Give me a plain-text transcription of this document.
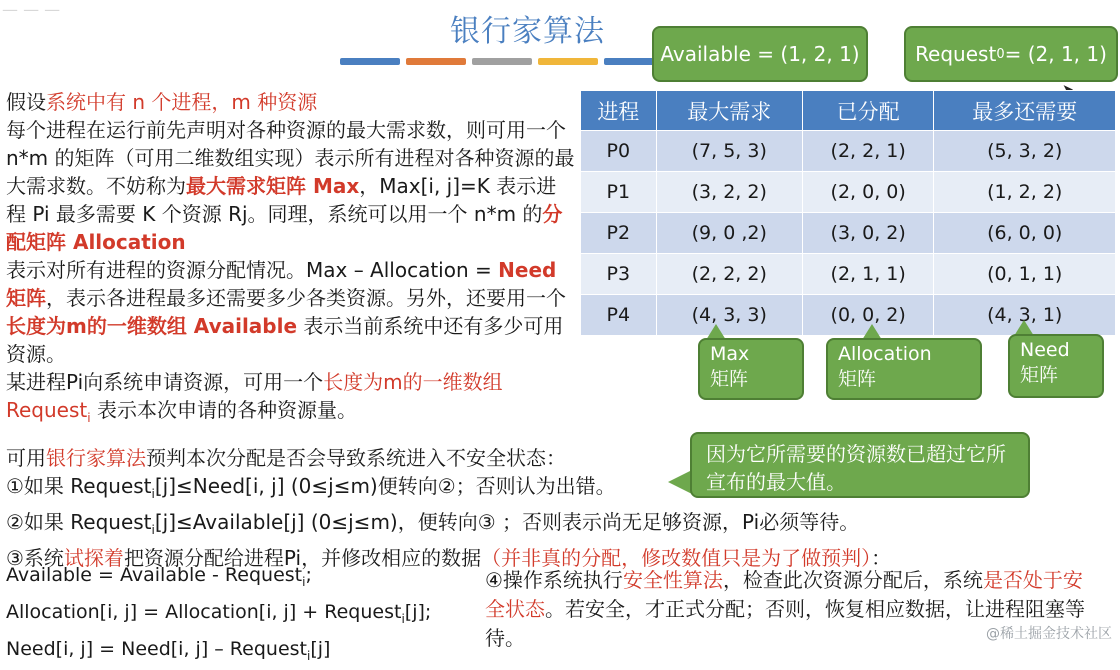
— — —
银行家算法
Available = (1, 2, 1)	Request 0 = (2, 1, 1)
假设系统中有 n 个进程，m 种资源
每个进程在运行前先声明对各种资源的最大需求数，则可用一个 n*m 的矩阵（可用二维数组实现）表示所有进程对各种资源的最大需求数。不妨称为最大需求矩阵 Max，Max[i, j]=K 表示进程 Pi 最多需要 K 个资源 Rj。同理，系统可以用一个 n*m 的分配矩阵 Allocation
表示对所有进程的资源分配情况。Max – Allocation = Need 矩阵，表示各进程最多还需要多少各类资源。另外，还要用一个长度为m的一维数组 Available 表示当前系统中还有多少可用资源。
某进程Pi向系统申请资源，可用一个长度为m的一维数组 Request$_i$ 表示本次申请的各种资源量。
进程	最大需求	已分配	最多还需要
P0	(7, 5, 3)	(2, 2, 1)	(5, 3, 2)
P1	(3, 2, 2)	(2, 0, 0)	(1, 2, 2)
P2	(9, 0 ,2)	(3, 0, 2)	(6, 0, 0)
P3	(2, 2, 2)	(2, 1, 1)	(0, 1, 1)
P4	(4, 3, 3)	(0, 0, 2)	(4, 3, 1)
Max
矩阵
Allocation
矩阵
Need
矩阵
因为它所需要的资源数已超过它所宣布的最大值。
可用银行家算法预判本次分配是否会导致系统进入不安全状态：
①如果 Request$_i$[j]≤Need[i, j] (0≤j≤m)便转向②；否则认为出错。
②如果 Request$_i$[j]≤Available[j] (0≤j≤m)，便转向③ ；否则表示尚无足够资源，Pi必须等待。
③系统试探着把资源分配给进程Pi，并修改相应的数据（并非真的分配，修改数值只是为了做预判）：
Available = Available - Request$_i$;
Allocation[i, j] = Allocation[i, j] + Request$_i$[j];
Need[i, j] = Need[i, j] – Request$_i$[j]
④操作系统执行安全性算法，检查此次资源分配后，系统是否处于安全状态。若安全，才正式分配；否则，恢复相应数据，让进程阻塞等待。	@稀土掘金技术社区
